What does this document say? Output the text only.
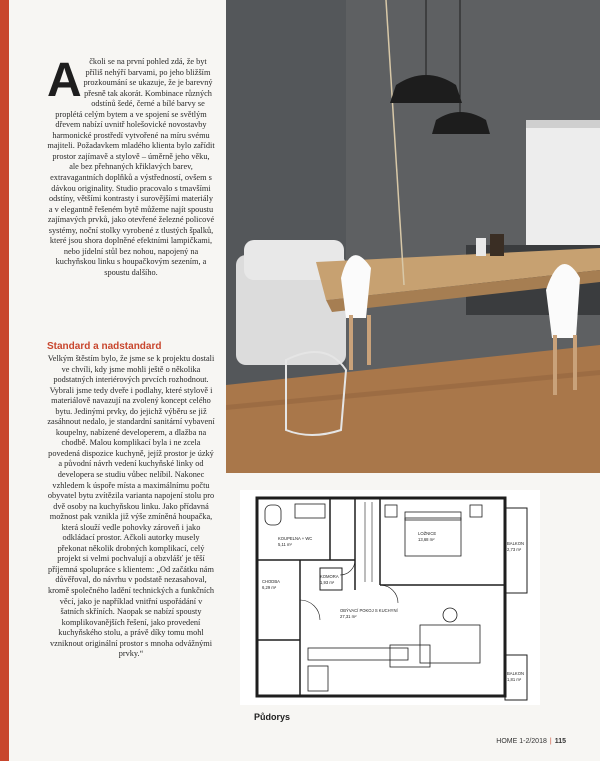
A čkoli se na první pohled zdá, že byt příliš nehýří barvami, po jeho bližším prozkoumání se ukazuje, že je barevný přesně tak akorát. Kombinace různých odstínů šedé, černé a bílé barvy se proplétá celým bytem a ve spojení se světlým dřevem nabízí uvnitř holešovické novostavby harmonické prostředí vytvořené na míru svému majiteli. Požadavkem mladého klienta bylo zařídit prostor zajímavě a stylově – úměrně jeho věku, ale bez přehnaných křiklavých barev, extravagantních doplňků a výstředností, ovšem s dávkou originality. Studio pracovalo s tmavšími odstíny, většími kontrasty i surovějšími materiály a v elegantně řešeném bytě můžeme najít spoustu zajímavých prvků, jako otevřené železné policové systémy, noční stolky vyrobené z tlustých špalků, které jsou shora doplněné efektními lampičkami, nebo jídelní stůl bez nohou, napojený na kuchyňskou linku s houpačkovým sezením, a spoustu dalšího.

Standard a nadstandard

Velkým štěstím bylo, že jsme se k projektu dostali ve chvíli, kdy jsme mohli ještě o několika podstatných interiérových prvcích rozhodnout. Vybrali jsme tedy dveře i podlahy, které stylově i materiálově navazují na zvolený koncept celého bytu. Jedinými prvky, do jejichž výběru se již zasáhnout nedalo, je standardní sanitární vybavení koupelny, nabízené developerem, a dlažba na chodbě. Malou komplikací byla i ne zcela povedená dispozice kuchyně, jejíž prostor je úzký a původní návrh vedení kuchyňské linky od developera se studiu vůbec nelíbil. Nakonec vzhledem k úspoře místa a maximálnímu počtu obyvatel bytu zvítězila varianta napojení stolu pro dvě osoby na kuchyňskou linku. Jako přídavná možnost pak vznikla již výše zmíněná houpačka, která slouží vedle pohovky zároveň i jako odkládací prostor. Ačkoli autorky musely překonat několik drobných komplikací, celý projekt si velmi pochvalují a obzvlášť je těší příjemná spolupráce s klientem: „Od začátku nám důvěřoval, do návrhu v podstatě nezasahoval, kromě společného ladění technických a funkčních věcí, jako je například vnitřní uspořádání v šatních skříních. Naopak se nabízí spousty komplikovanějších řešení, jako provedení kuchyňského stolu, a právě díky tomu mohl vzniknout originální prostor s mnoha odvážnými prvky.“

KOUPELNA + WC
5,11 m²
LOŽNICE
13,68 m²
BALKON
2,73 m²
KOMORA
1,93 m²
CHODBA
6,29 m²
OBÝVACÍ POKOJ S KUCHYNÍ
27,31 m²
BALKON
1,81 m²
Půdorys
HOME 1-2/2018 | 115
